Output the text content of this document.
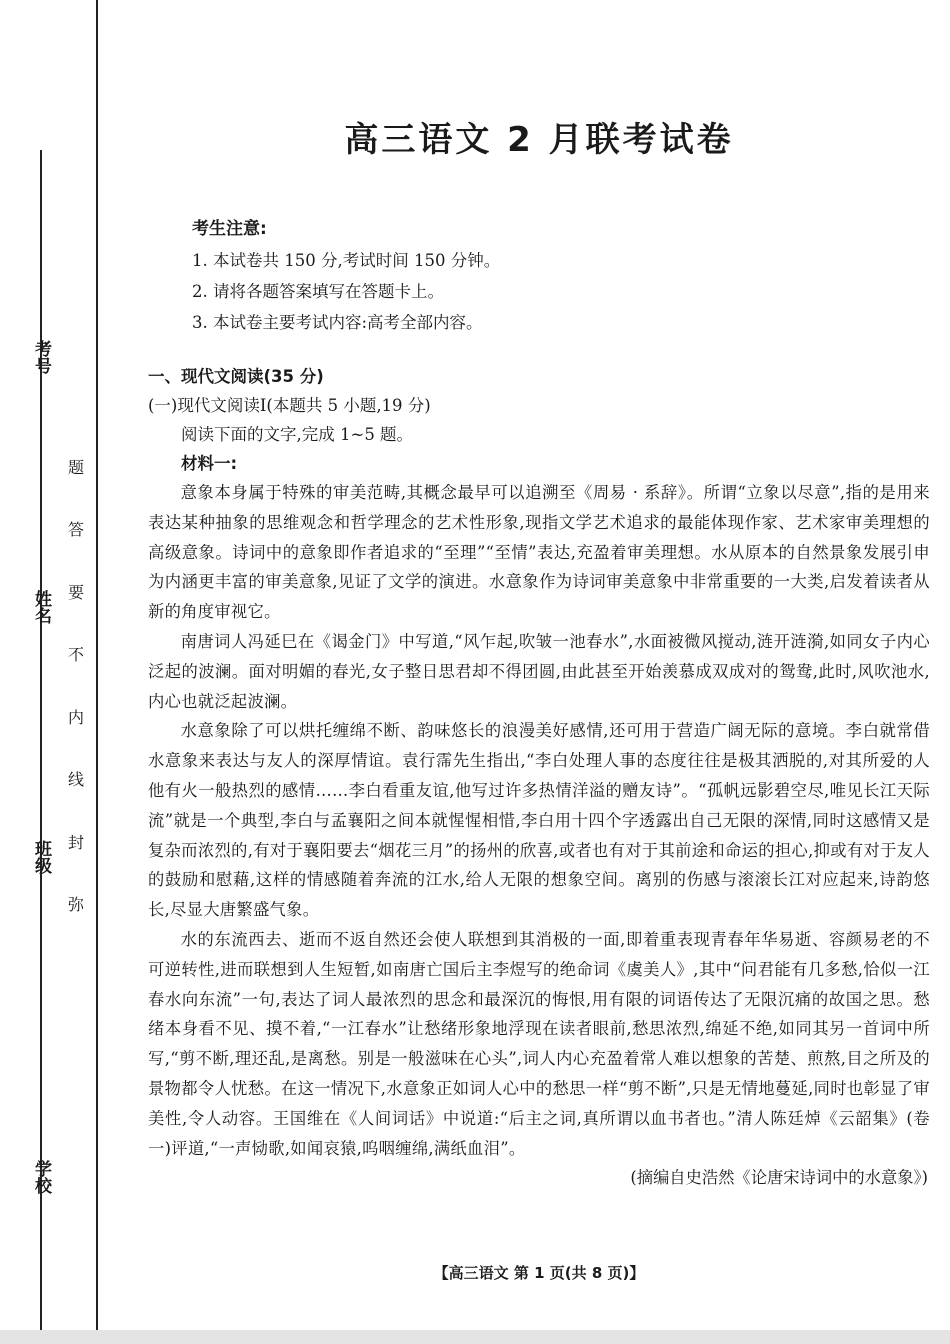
考号
姓名
班级
学校
题
答
要
不
内
线
封
弥
高三语文 2 月联考试卷
考生注意:
1. 本试卷共 150 分,考试时间 150 分钟。
2. 请将各题答案填写在答题卡上。
3. 本试卷主要考试内容:高考全部内容。
一、现代文阅读(35 分)
(一)现代文阅读Ⅰ(本题共 5 小题,19 分)
阅读下面的文字,完成 1~5 题。
材料一:

意象本身属于特殊的审美范畴,其概念最早可以追溯至《周易 · 系辞》。所谓“立象以尽意”,指的是用来表达某种抽象的思维观念和哲学理念的艺术性形象,现指文学艺术追求的最能体现作家、艺术家审美理想的高级意象。诗词中的意象即作者追求的“至理”“至情”表达,充盈着审美理想。水从原本的自然景象发展引申为内涵更丰富的审美意象,见证了文学的演进。水意象作为诗词审美意象中非常重要的一大类,启发着读者从新的角度审视它。

南唐词人冯延巳在《谒金门》中写道,“风乍起,吹皱一池春水”,水面被微风搅动,涟开涟漪,如同女子内心泛起的波澜。面对明媚的春光,女子整日思君却不得团圆,由此甚至开始羡慕成双成对的鸳鸯,此时,风吹池水,内心也就泛起波澜。

水意象除了可以烘托缠绵不断、韵味悠长的浪漫美好感情,还可用于营造广阔无际的意境。李白就常借水意象来表达与友人的深厚情谊。袁行霈先生指出,“李白处理人事的态度往往是极其洒脱的,对其所爱的人他有火一般热烈的感情……李白看重友谊,他写过许多热情洋溢的赠友诗”。“孤帆远影碧空尽,唯见长江天际流”就是一个典型,李白与孟襄阳之间本就惺惺相惜,李白用十四个字透露出自己无限的深情,同时这感情又是复杂而浓烈的,有对于襄阳要去“烟花三月”的扬州的欣喜,或者也有对于其前途和命运的担心,抑或有对于友人的鼓励和慰藉,这样的情感随着奔流的江水,给人无限的想象空间。离别的伤感与滚滚长江对应起来,诗韵悠长,尽显大唐繁盛气象。

水的东流西去、逝而不返自然还会使人联想到其消极的一面,即着重表现青春年华易逝、容颜易老的不可逆转性,进而联想到人生短暂,如南唐亡国后主李煜写的绝命词《虞美人》,其中“问君能有几多愁,恰似一江春水向东流”一句,表达了词人最浓烈的思念和最深沉的悔恨,用有限的词语传达了无限沉痛的故国之思。愁绪本身看不见、摸不着,“一江春水”让愁绪形象地浮现在读者眼前,愁思浓烈,绵延不绝,如同其另一首词中所写,“剪不断,理还乱,是离愁。别是一般滋味在心头”,词人内心充盈着常人难以想象的苦楚、煎熬,目之所及的景物都令人忧愁。在这一情况下,水意象正如词人心中的愁思一样“剪不断”,只是无情地蔓延,同时也彰显了审美性,令人动容。王国维在《人间词话》中说道:“后主之词,真所谓以血书者也。”清人陈廷焯《云韶集》(卷一)评道,“一声恸歌,如闻哀猿,呜咽缠绵,满纸血泪”。

(摘编自史浩然《论唐宋诗词中的水意象》)

【高三语文 第 1 页(共 8 页)】
